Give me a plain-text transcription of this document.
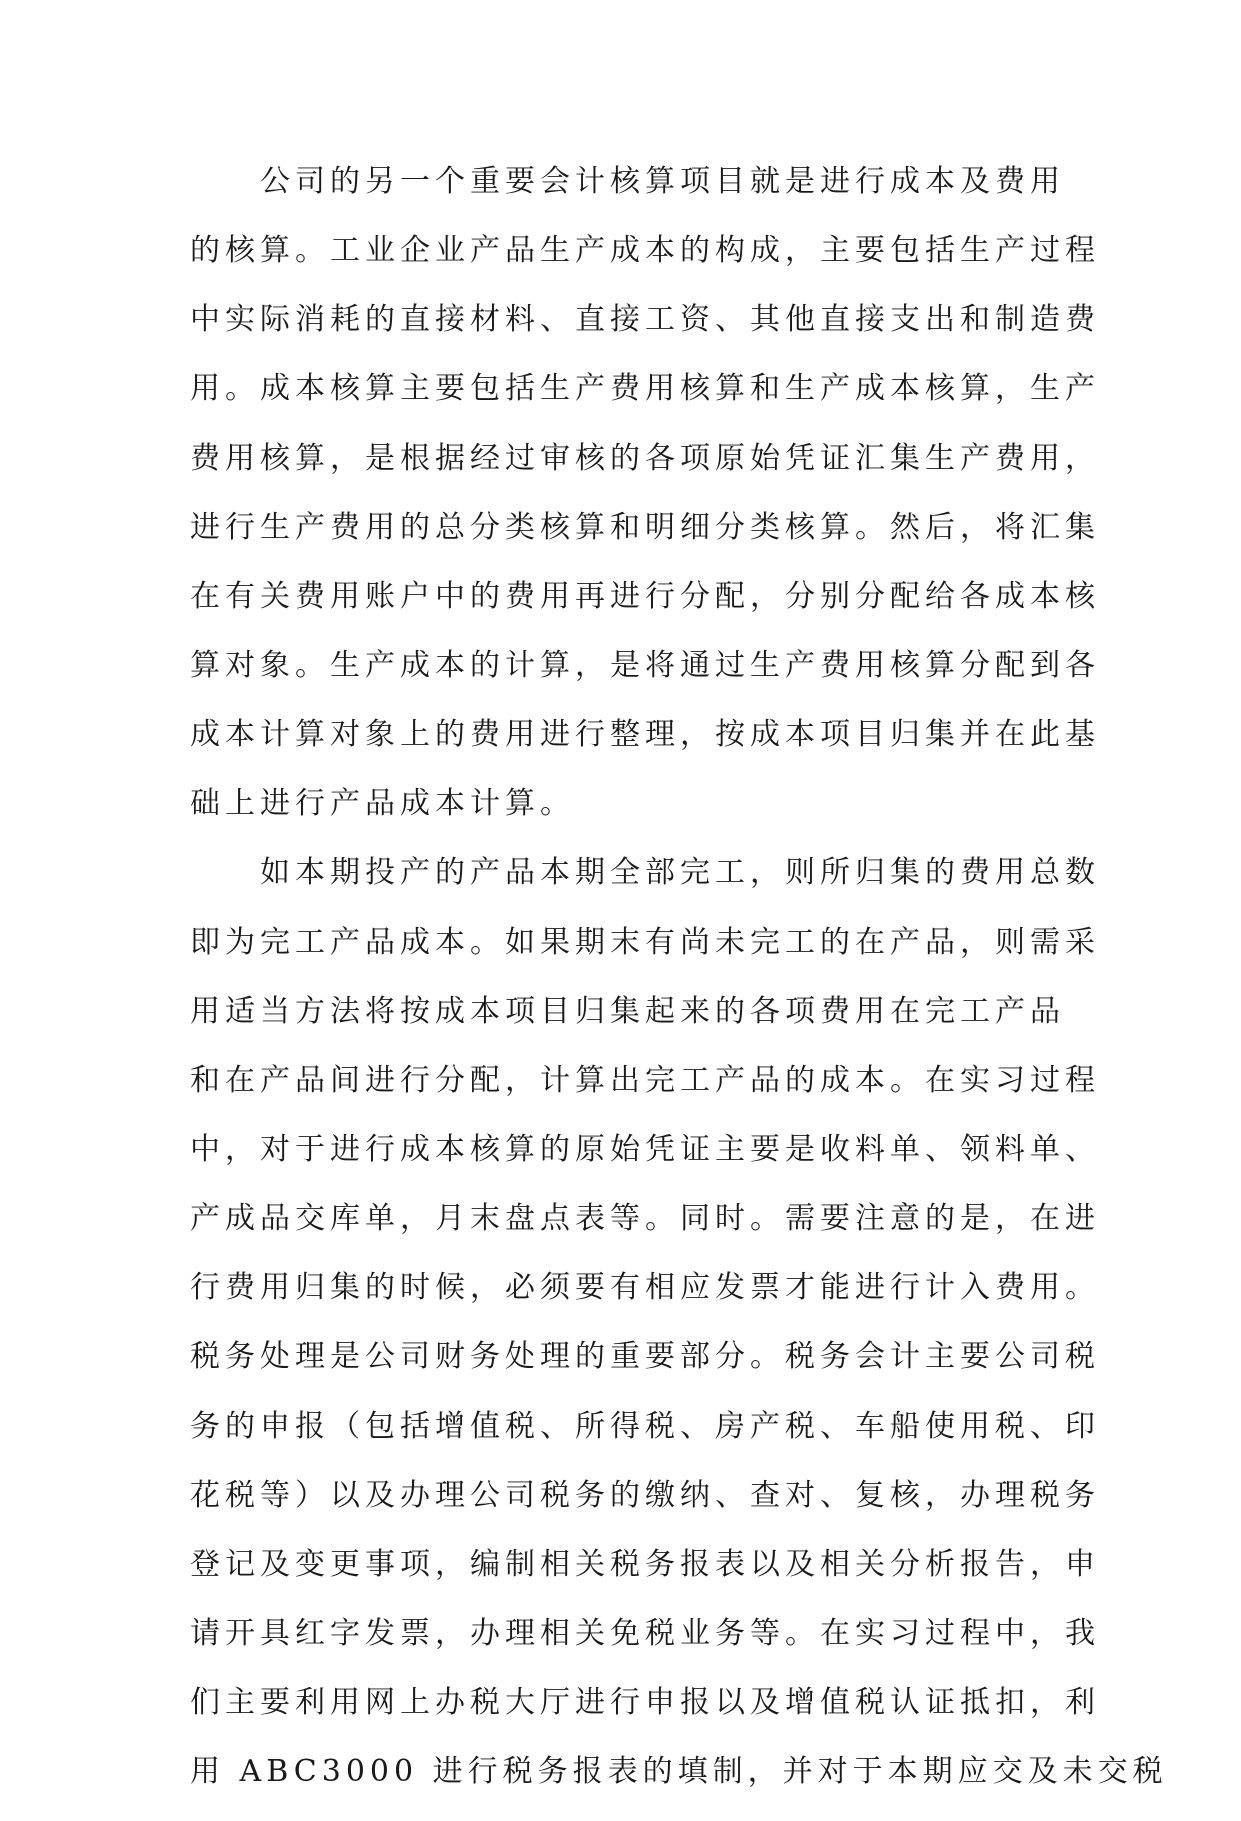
　　公司的另一个重要会计核算项目就是进行成本及费用
的核算。工业企业产品生产成本的构成，主要包括生产过程
中实际消耗的直接材料、直接工资、其他直接支出和制造费
用。成本核算主要包括生产费用核算和生产成本核算，生产
费用核算，是根据经过审核的各项原始凭证汇集生产费用，
进行生产费用的总分类核算和明细分类核算。然后，将汇集
在有关费用账户中的费用再进行分配，分别分配给各成本核
算对象。生产成本的计算，是将通过生产费用核算分配到各
成本计算对象上的费用进行整理，按成本项目归集并在此基
础上进行产品成本计算。
　　如本期投产的产品本期全部完工，则所归集的费用总数
即为完工产品成本。如果期末有尚未完工的在产品，则需采
用适当方法将按成本项目归集起来的各项费用在完工产品
和在产品间进行分配，计算出完工产品的成本。在实习过程
中，对于进行成本核算的原始凭证主要是收料单、领料单、
产成品交库单，月末盘点表等。同时。需要注意的是，在进
行费用归集的时候，必须要有相应发票才能进行计入费用。
税务处理是公司财务处理的重要部分。税务会计主要公司税
务的申报（包括增值税、所得税、房产税、车船使用税、印
花税等）以及办理公司税务的缴纳、查对、复核，办理税务
登记及变更事项，编制相关税务报表以及相关分析报告，申
请开具红字发票，办理相关免税业务等。在实习过程中，我
们主要利用网上办税大厅进行申报以及增值税认证抵扣，利
用 ABC3000 进行税务报表的填制，并对于本期应交及未交税
